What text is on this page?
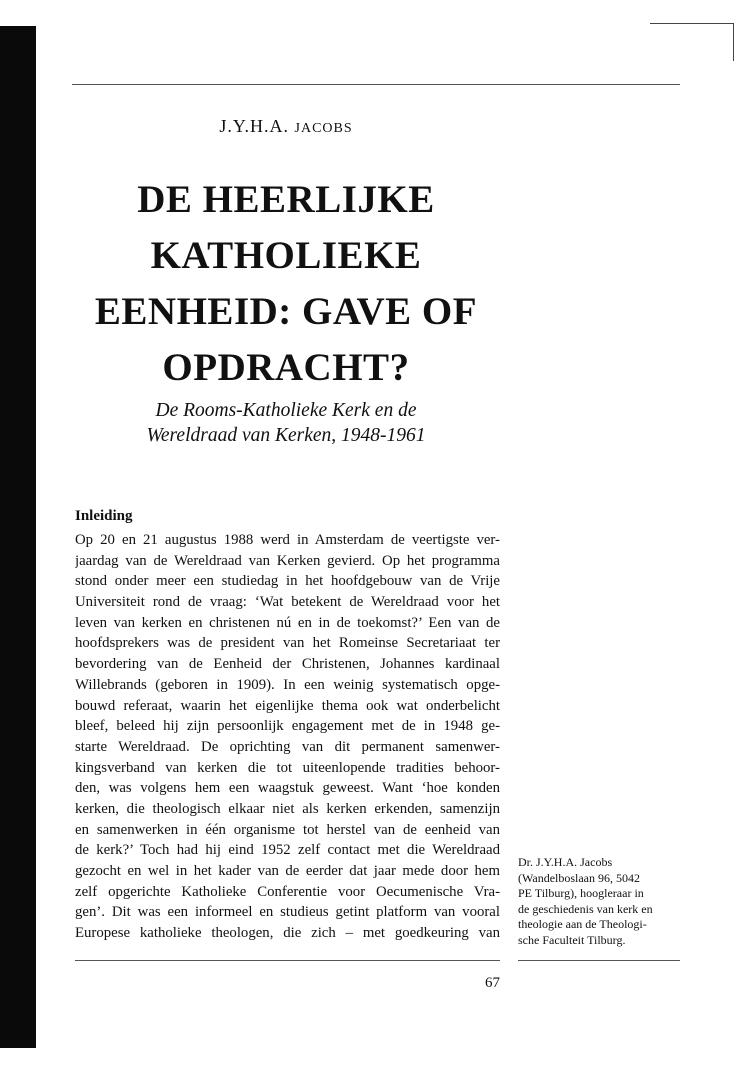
J.Y.H.A. JACOBS
DE HEERLIJKE
KATHOLIEKE
EENHEID: GAVE OF
OPDRACHT?
De Rooms-Katholieke Kerk en de
Wereldraad van Kerken, 1948-1961
Inleiding
Op 20 en 21 augustus 1988 werd in Amsterdam de veertigste ver-
jaardag van de Wereldraad van Kerken gevierd. Op het programma
stond onder meer een studiedag in het hoofdgebouw van de Vrije
Universiteit rond de vraag: ‘Wat betekent de Wereldraad voor het
leven van kerken en christenen nú en in de toekomst?’ Een van de
hoofdsprekers was de president van het Romeinse Secretariaat ter
bevordering van de Eenheid der Christenen, Johannes kardinaal
Willebrands (geboren in 1909). In een weinig systematisch opge-
bouwd referaat, waarin het eigenlijke thema ook wat onderbelicht
bleef, beleed hij zijn persoonlijk engagement met de in 1948 ge-
starte Wereldraad. De oprichting van dit permanent samenwer-
kingsverband van kerken die tot uiteenlopende tradities behoor-
den, was volgens hem een waagstuk geweest. Want ‘hoe konden
kerken, die theologisch elkaar niet als kerken erkenden, samenzijn
en samenwerken in één organisme tot herstel van de eenheid van
de kerk?’ Toch had hij eind 1952 zelf contact met die Wereldraad
gezocht en wel in het kader van de eerder dat jaar mede door hem
zelf opgerichte Katholieke Conferentie voor Oecumenische Vra-
gen’. Dit was een informeel en studieus getint platform van vooral
Europese katholieke theologen, die zich – met goedkeuring van
Dr. J.Y.H.A. Jacobs
(Wandelboslaan 96, 5042
PE Tilburg), hoogleraar in
de geschiedenis van kerk en
theologie aan de Theologi-
sche Faculteit Tilburg.
67
